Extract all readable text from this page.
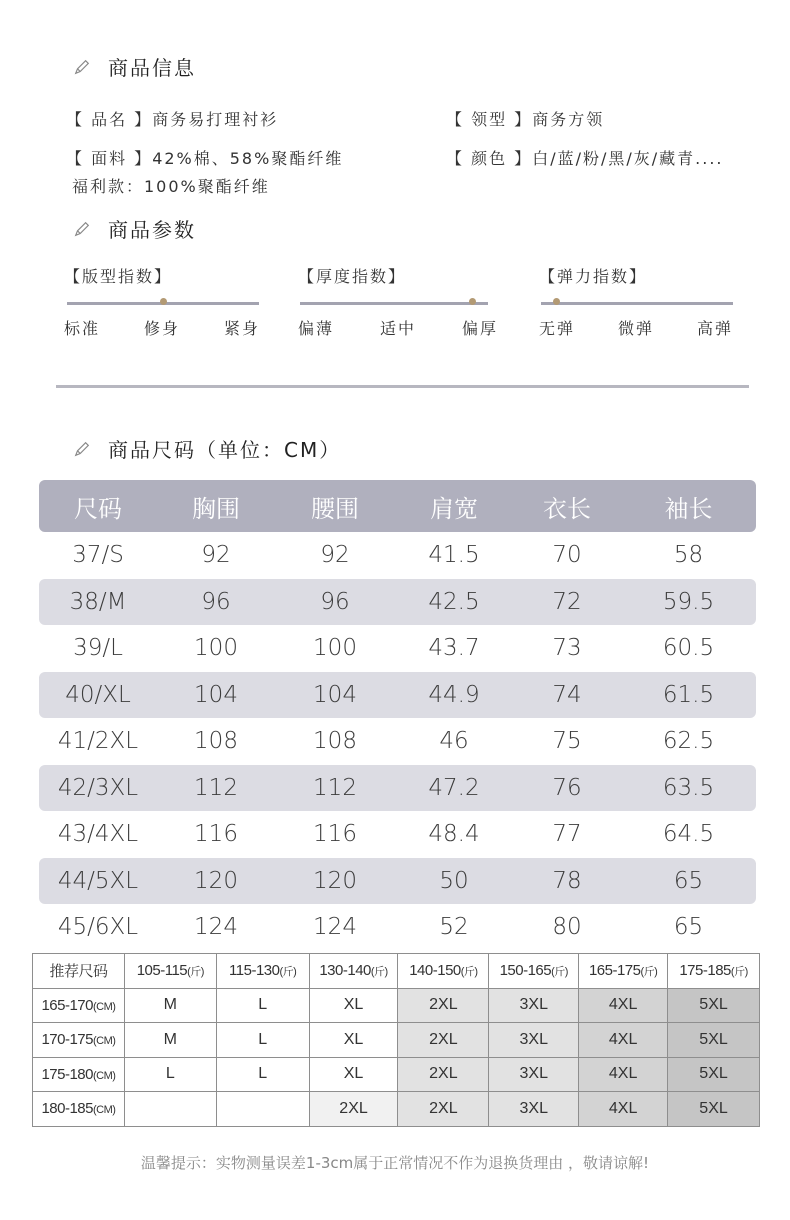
商品信息
【 品名 】商务易打理衬衫	【 领型 】商务方领
【 面料 】42%棉、58%聚酯纤维	【 颜色 】白/蓝/粉/黑/灰/藏青....
福利款：100%聚酯纤维
商品参数
【版型指数】
标准	修身	紧身
【厚度指数】
偏薄	适中	偏厚
【弹力指数】
无弹	微弹	高弹
商品尺码（单位：CM）
尺码	胸围	腰围	肩宽	衣长	袖长
37/S	92	92	41.5	70	58
38/M	96	96	42.5	72	59.5
39/L	100	100	43.7	73	60.5
40/XL	104	104	44.9	74	61.5
41/2XL	108	108	46	75	62.5
42/3XL	112	112	47.2	76	63.5
43/4XL	116	116	48.4	77	64.5
44/5XL	120	120	50	78	65
45/6XL	124	124	52	80	65
推荐尺码	105-115(斤)	115-130(斤)	130-140(斤)	140-150(斤)	150-165(斤)	165-175(斤)	175-185(斤)
165-170(CM)	M	L	XL	2XL	3XL	4XL	5XL
170-175(CM)	M	L	XL	2XL	3XL	4XL	5XL
175-180(CM)	L	L	XL	2XL	3XL	4XL	5XL
180-185(CM)			2XL	2XL	3XL	4XL	5XL
温馨提示：实物测量误差1-3cm属于正常情况不作为退换货理由 ，敬请谅解!
